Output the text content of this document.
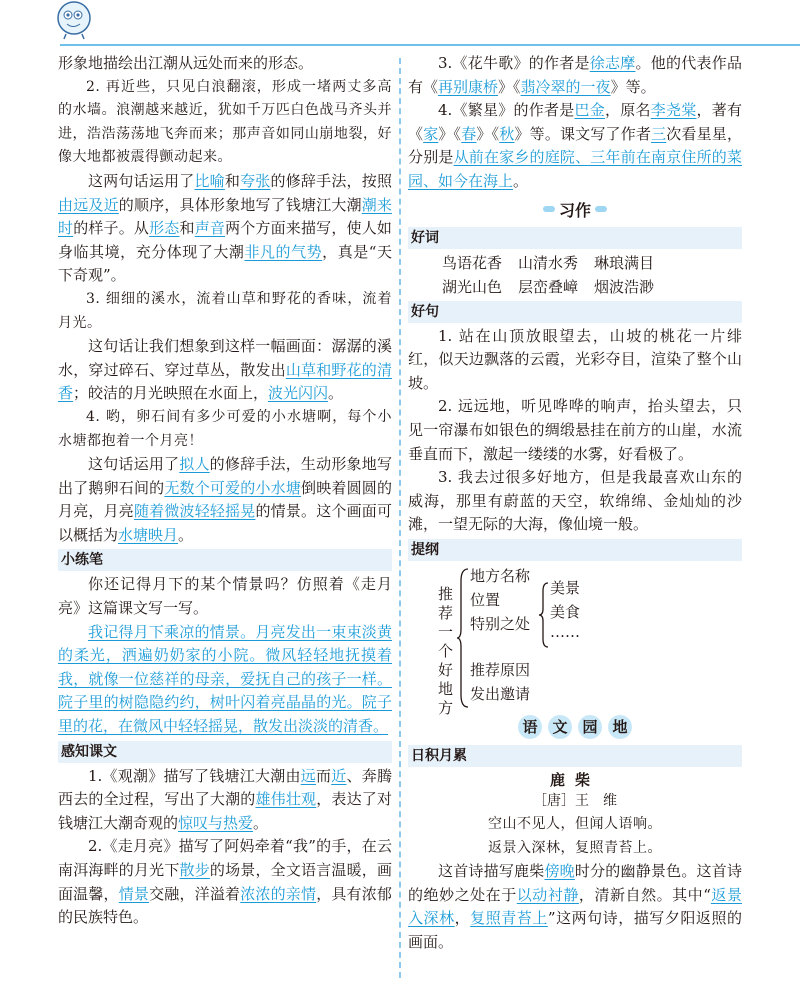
形象地描绘出江潮从远处而来的形态。

2. 再近些，只见白浪翻滚，形成一堵两丈多高的水墙。浪潮越来越近，犹如千万匹白色战马齐头并进，浩浩荡荡地飞奔而来；那声音如同山崩地裂，好像大地都被震得颤动起来。

这两句话运用了比喻和夸张的修辞手法，按照由远及近的顺序，具体形象地写了钱塘江大潮潮来时的样子。从形态和声音两个方面来描写，使人如身临其境，充分体现了大潮非凡的气势，真是“天下奇观”。

3. 细细的溪水，流着山草和野花的香味，流着月光。

这句话让我们想象到这样一幅画面：潺潺的溪水，穿过碎石、穿过草丛，散发出山草和野花的清香；皎洁的月光映照在水面上，波光闪闪。

4. 哟，卵石间有多少可爱的小水塘啊，每个小水塘都抱着一个月亮！

这句话运用了拟人的修辞手法，生动形象地写出了鹅卵石间的无数个可爱的小水塘倒映着圆圆的月亮，月亮随着微波轻轻摇晃的情景。这个画面可以概括为水塘映月。

小练笔

你还记得月下的某个情景吗？仿照着《走月亮》这篇课文写一写。

我记得月下乘凉的情景。月亮发出一束束淡黄的柔光，洒遍奶奶家的小院。微风轻轻地抚摸着我，就像一位慈祥的母亲，爱抚自己的孩子一样。院子里的树隐隐约约，树叶闪着亮晶晶的光。院子里的花，在微风中轻轻摇晃，散发出淡淡的清香。

感知课文

1.《观潮》描写了钱塘江大潮由远而近、奔腾西去的全过程，写出了大潮的雄伟壮观，表达了对钱塘江大潮奇观的惊叹与热爱。

2.《走月亮》描写了阿妈牵着“我”的手，在云南洱海畔的月光下散步的场景，全文语言温暖，画面温馨，情景交融，洋溢着浓浓的亲情，具有浓郁的民族特色。

3.《花牛歌》的作者是徐志摩。他的代表作品有《再别康桥》《翡冷翠的一夜》等。

4.《繁星》的作者是巴金，原名李尧棠，著有《家》《春》《秋》等。课文写了作者三次看星星，分别是从前在家乡的庭院、三年前在南京住所的菜园、如今在海上。

习作
好词
鸟语花香 山清水秀 琳琅满目
湖光山色 层峦叠嶂 烟波浩渺
好句

1. 站在山顶放眼望去，山坡的桃花一片绯红，似天边飘落的云霞，光彩夺目，渲染了整个山坡。

2. 远远地，听见哗哗的响声，抬头望去，只见一帘瀑布如银色的绸缎悬挂在前方的山崖，水流垂直而下，激起一缕缕的水雾，好看极了。

3. 我去过很多好地方，但是我最喜欢山东的威海，那里有蔚蓝的天空，软绵绵、金灿灿的沙滩，一望无际的大海，像仙境一般。

提纲
推荐一个好地方
地方名称
位置
特别之处
美景
美食
……
推荐原因
发出邀请
语 文 园 地
日积月累
鹿柴
［唐］王　维
空山不见人，但闻人语响。
返景入深林，复照青苔上。

这首诗描写鹿柴傍晚时分的幽静景色。这首诗的绝妙之处在于以动衬静，清新自然。其中“返景入深林，复照青苔上”这两句诗，描写夕阳返照的画面。
